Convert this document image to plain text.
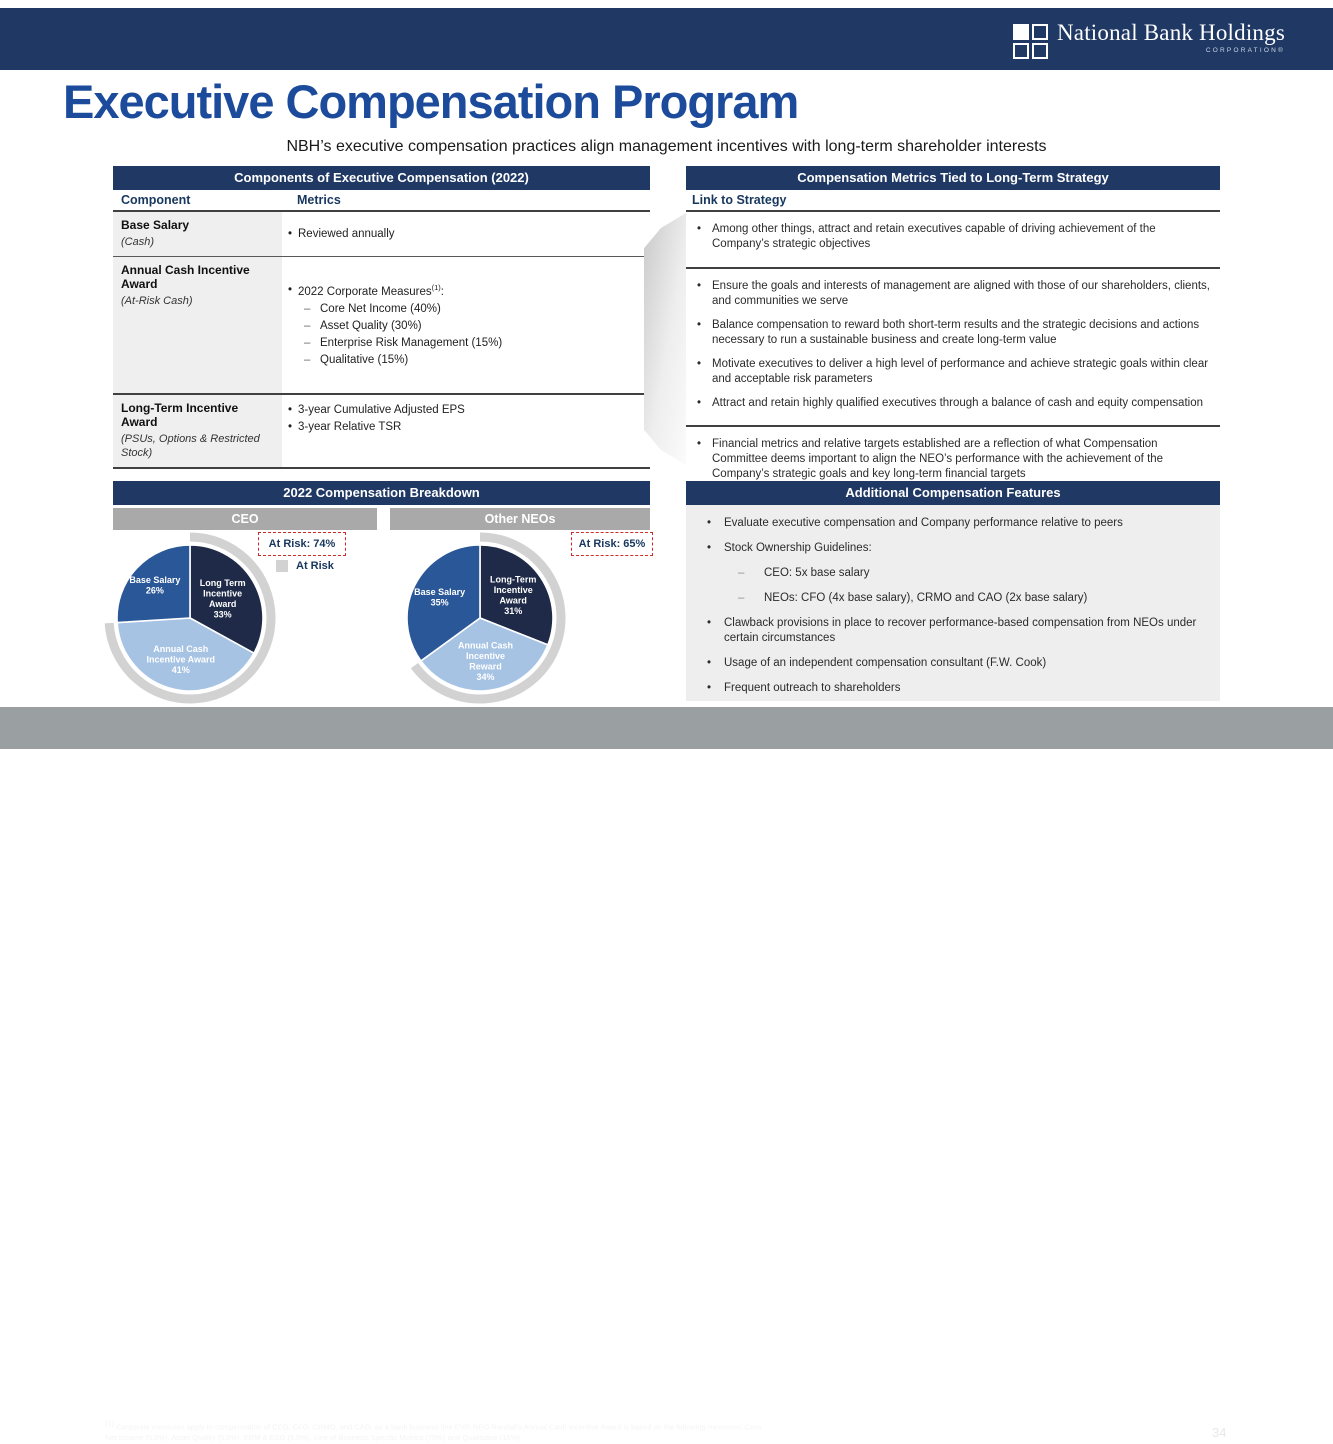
National Bank Holdings
CORPORATION®
Executive Compensation Program
NBH’s executive compensation practices align management incentives with long-term shareholder interests
Components of Executive Compensation (2022)
Component	Metrics
Base Salary
(Cash)
• Reviewed annually
Annual Cash Incentive Award
(At-Risk Cash)
• 2022 Corporate Measures$^{(1)}$:
– Core Net Income (40%)
– Asset Quality (30%)
– Enterprise Risk Management (15%)
– Qualitative (15%)
Long-Term Incentive Award
(PSUs, Options & Restricted Stock)
• 3-year Cumulative Adjusted EPS
• 3-year Relative TSR
Compensation Metrics Tied to Long-Term Strategy
Link to Strategy
• Among other things, attract and retain executives capable of driving achievement of the Company’s strategic objectives
• Ensure the goals and interests of management are aligned with those of our shareholders, clients, and communities we serve
• Balance compensation to reward both short-term results and the strategic decisions and actions necessary to run a sustainable business and create long-term value
• Motivate executives to deliver a high level of performance and achieve strategic goals within clear and acceptable risk parameters
• Attract and retain highly qualified executives through a balance of cash and equity compensation
• Financial metrics and relative targets established are a reflection of what Compensation Committee deems important to align the NEO’s performance with the achievement of the Company’s strategic goals and key long-term financial targets
2022 Compensation Breakdown
CEO	Other NEOs
Long Term Incentive Award 33%
Annual Cash Incentive Award 41%
Base Salary 26%
Long-Term Incentive Award 31%
Annual Cash Incentive Reward 34%
Base Salary 35%
At Risk: 74%	At Risk: 65%
At Risk
Additional Compensation Features
•	Evaluate executive compensation and Company performance relative to peers
•	Stock Ownership Guidelines:
–	CEO: 5x base salary
–	NEOs: CFO (4x base salary), CRMO and CAO (2x base salary)
•	Clawback provisions in place to recover performance-based compensation from NEOs under certain circumstances
•	Usage of an independent compensation consultant (F.W. Cook)
•	Frequent outreach to shareholders
$^{(1)}$ Corporate measures apply to compensation of CEO, CFO, CRMO, and CAO; as a bank business line EVP, NEO Randall’s Annual Cash Incentive Award is based on the following measures: Core Net Income (5.0%), Asset Quality (5.0%), ERM & ESG (5.0%), Line of Business Specific Metrics (70%) and Qualitative (15%).	34
